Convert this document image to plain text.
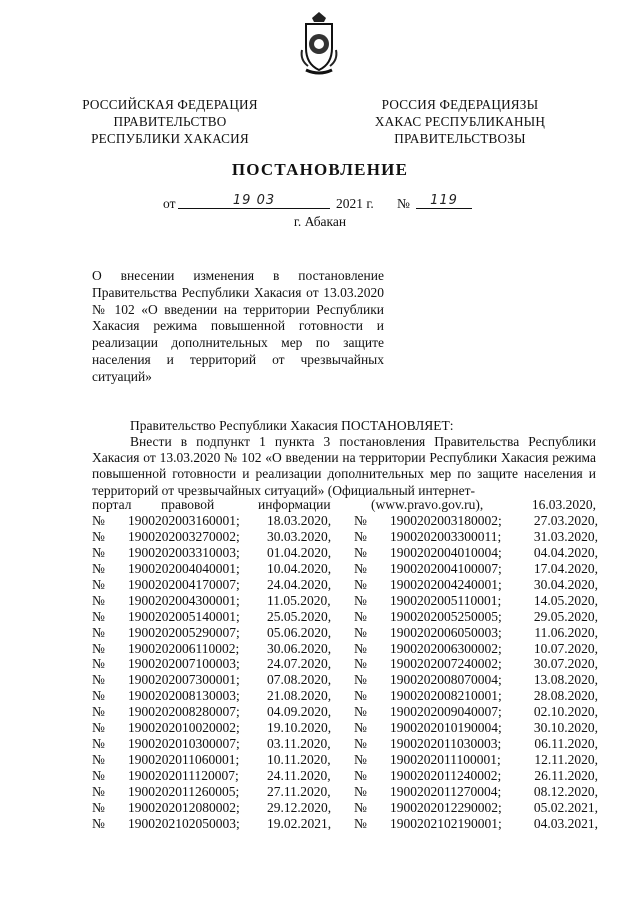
РОССИЙСКАЯ ФЕДЕРАЦИЯ
ПРАВИТЕЛЬСТВО
РЕСПУБЛИКИ ХАКАСИЯ
РОССИЯ ФЕДЕРАЦИЯЗЫ
ХАКАС РЕСПУБЛИКАНЫҢ
ПРАВИТЕЛЬСТВОЗЫ
ПОСТАНОВЛЕНИЕ
от	19 03	2021 г. №	119
г. Абакан
О внесении изменения в постановление Правительства Республики Хакасия от 13.03.2020 № 102 «О введении на территории Республики Хакасия режима повышенной готовности и реализации дополнительных мер по защите населения и территорий от чрезвычайных ситуаций»
Правительство Республики Хакасия ПОСТАНОВЛЯЕТ:
Внести в подпункт 1 пункта 3 постановления Правительства Республики Хакасия от 13.03.2020 № 102 «О введении на территории Республики Хакасия режима повышенной готовности и реализации дополнительных мер по защите населения и территорий от чрезвычайных ситуаций» (Официальный интернет-
портал правовой	информации	(www.pravo.gov.ru),	16.03.2020,
№ 1900202003160001; 18.03.2020, № 1900202003180002; 27.03.2020,
№ 1900202003270002; 30.03.2020, № 1900202003300011; 31.03.2020,
№ 1900202003310003; 01.04.2020, № 1900202004010004; 04.04.2020,
№ 1900202004040001; 10.04.2020, № 1900202004100007; 17.04.2020,
№ 1900202004170007; 24.04.2020, № 1900202004240001; 30.04.2020,
№ 1900202004300001; 11.05.2020, № 1900202005110001; 14.05.2020,
№ 1900202005140001; 25.05.2020, № 1900202005250005; 29.05.2020,
№ 1900202005290007; 05.06.2020, № 1900202006050003; 11.06.2020,
№ 1900202006110002; 30.06.2020, № 1900202006300002; 10.07.2020,
№ 1900202007100003; 24.07.2020, № 1900202007240002; 30.07.2020,
№ 1900202007300001; 07.08.2020, № 1900202008070004; 13.08.2020,
№ 1900202008130003; 21.08.2020, № 1900202008210001; 28.08.2020,
№ 1900202008280007; 04.09.2020, № 1900202009040007; 02.10.2020,
№ 1900202010020002; 19.10.2020, № 1900202010190004; 30.10.2020,
№ 1900202010300007; 03.11.2020, № 1900202011030003; 06.11.2020,
№ 1900202011060001; 10.11.2020, № 1900202011100001; 12.11.2020,
№ 1900202011120007; 24.11.2020, № 1900202011240002; 26.11.2020,
№ 1900202011260005; 27.11.2020, № 1900202011270004; 08.12.2020,
№ 1900202012080002; 29.12.2020, № 1900202012290002; 05.02.2021,
№ 1900202102050003; 19.02.2021, № 1900202102190001; 04.03.2021,
